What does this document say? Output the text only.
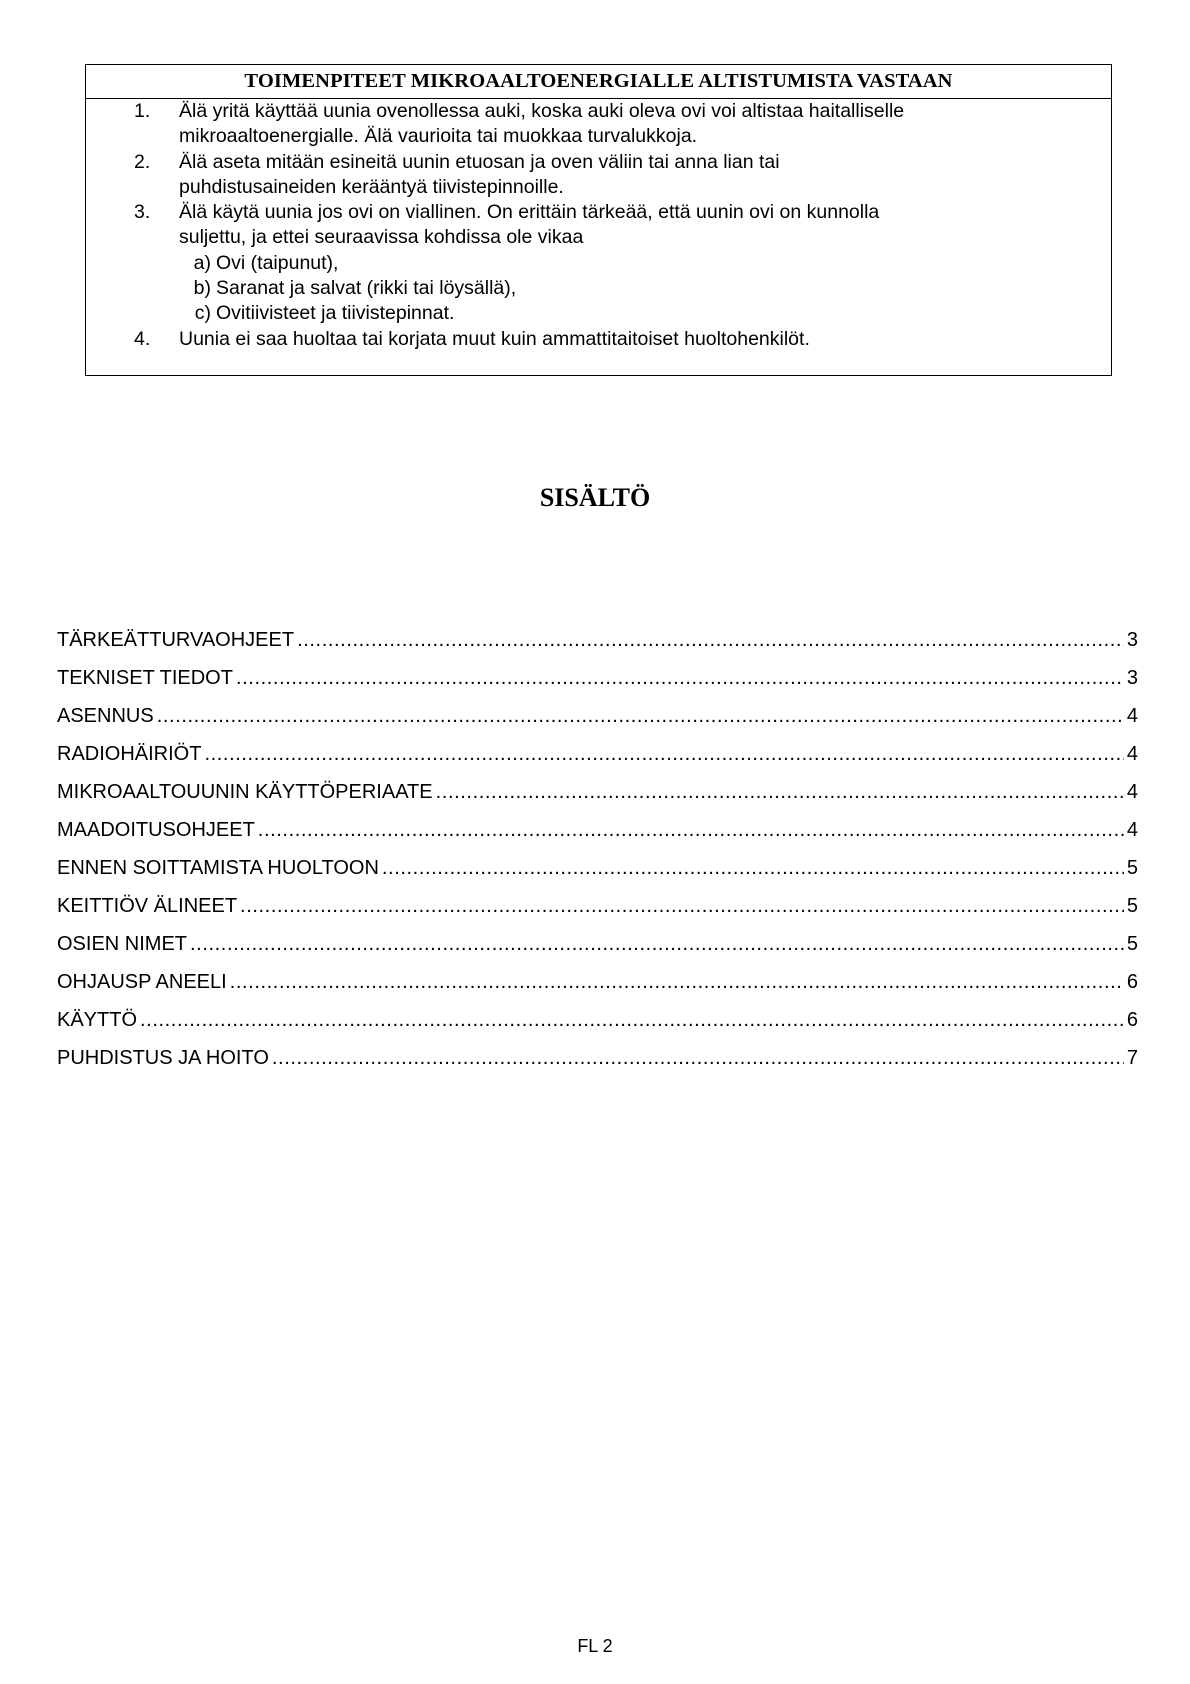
TOIMENPITEET MIKROAALTOENERGIALLE ALTISTUMISTA VASTAAN
1. Älä yritä käyttää uunia ovenollessa auki, koska auki oleva ovi voi altistaa haitalliselle
mikroaaltoenergialle. Älä vaurioita tai muokkaa turvalukkoja.
2. Älä aseta mitään esineitä uunin etuosan ja oven väliin tai anna lian tai
puhdistusaineiden kerääntyä tiivistepinnoille.
3. Älä käytä uunia jos ovi on viallinen. On erittäin tärkeää, että uunin ovi on kunnolla
suljettu, ja ettei seuraavissa kohdissa ole vikaa
a) Ovi (taipunut),
b) Saranat ja salvat (rikki tai löysällä),
c) Ovitiivisteet ja tiivistepinnat.
4. Uunia ei saa huoltaa tai korjata muut kuin ammattitaitoiset huoltohenkilöt.
SISÄLTÖ
TÄRKEÄTTURVAOHJEET .....	3
TEKNISET TIEDOT .....	3
ASENNUS .....	4
RADIOHÄIRIÖT .....	4
MIKROAALTOUUNIN KÄYTTÖPERIAATE .....	4
MAADOITUSOHJEET .....	4
ENNEN SOITTAMISTA HUOLTOON .....	5
KEITTIÖV ÄLINEET .....	5
OSIEN NIMET .....	5
OHJAUSP ANEELI .....	6
KÄYTTÖ .....	6
PUHDISTUS JA HOITO .....	7
FL 2
